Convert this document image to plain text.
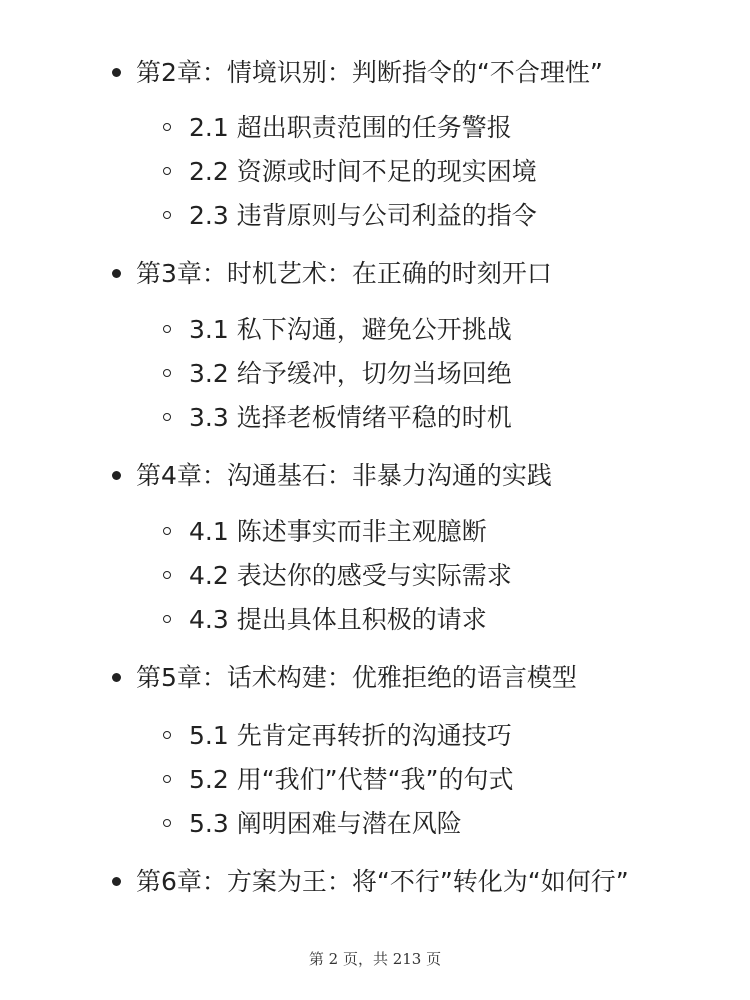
第2章：情境识别：判断指令的“不合理性”
2.1 超出职责范围的任务警报
2.2 资源或时间不足的现实困境
2.3 违背原则与公司利益的指令
第3章：时机艺术：在正确的时刻开口
3.1 私下沟通，避免公开挑战
3.2 给予缓冲，切勿当场回绝
3.3 选择老板情绪平稳的时机
第4章：沟通基石：非暴力沟通的实践
4.1 陈述事实而非主观臆断
4.2 表达你的感受与实际需求
4.3 提出具体且积极的请求
第5章：话术构建：优雅拒绝的语言模型
5.1 先肯定再转折的沟通技巧
5.2 用“我们”代替“我”的句式
5.3 阐明困难与潜在风险
第6章：方案为王：将“不行”转化为“如何行”
第 2 页，共 213 页
